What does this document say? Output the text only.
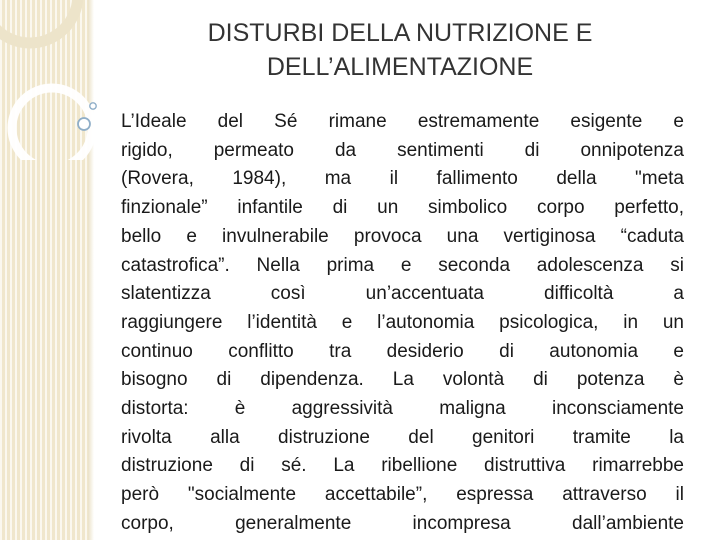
DISTURBI DELLA NUTRIZIONE E
DELL’ALIMENTAZIONE
L’Ideale del Sé rimane estremamente esigente e
rigido, permeato da sentimenti di onnipotenza
(Rovera, 1984), ma il fallimento della "meta
finzionale” infantile di un simbolico corpo perfetto,
bello e invulnerabile provoca una vertiginosa “caduta
catastrofica”. Nella prima e seconda adolescenza si
slatentizza così un’accentuata difficoltà a
raggiungere l’identità e l’autonomia psicologica, in un
continuo conflitto tra desiderio di autonomia e
bisogno di dipendenza. La volontà di potenza è
distorta: è aggressività maligna inconsciamente
rivolta alla distruzione del genitori tramite la
distruzione di sé. La ribellione distruttiva rimarrebbe
però "socialmente accettabile”, espressa attraverso il
corpo, generalmente incompresa dall’ambiente
